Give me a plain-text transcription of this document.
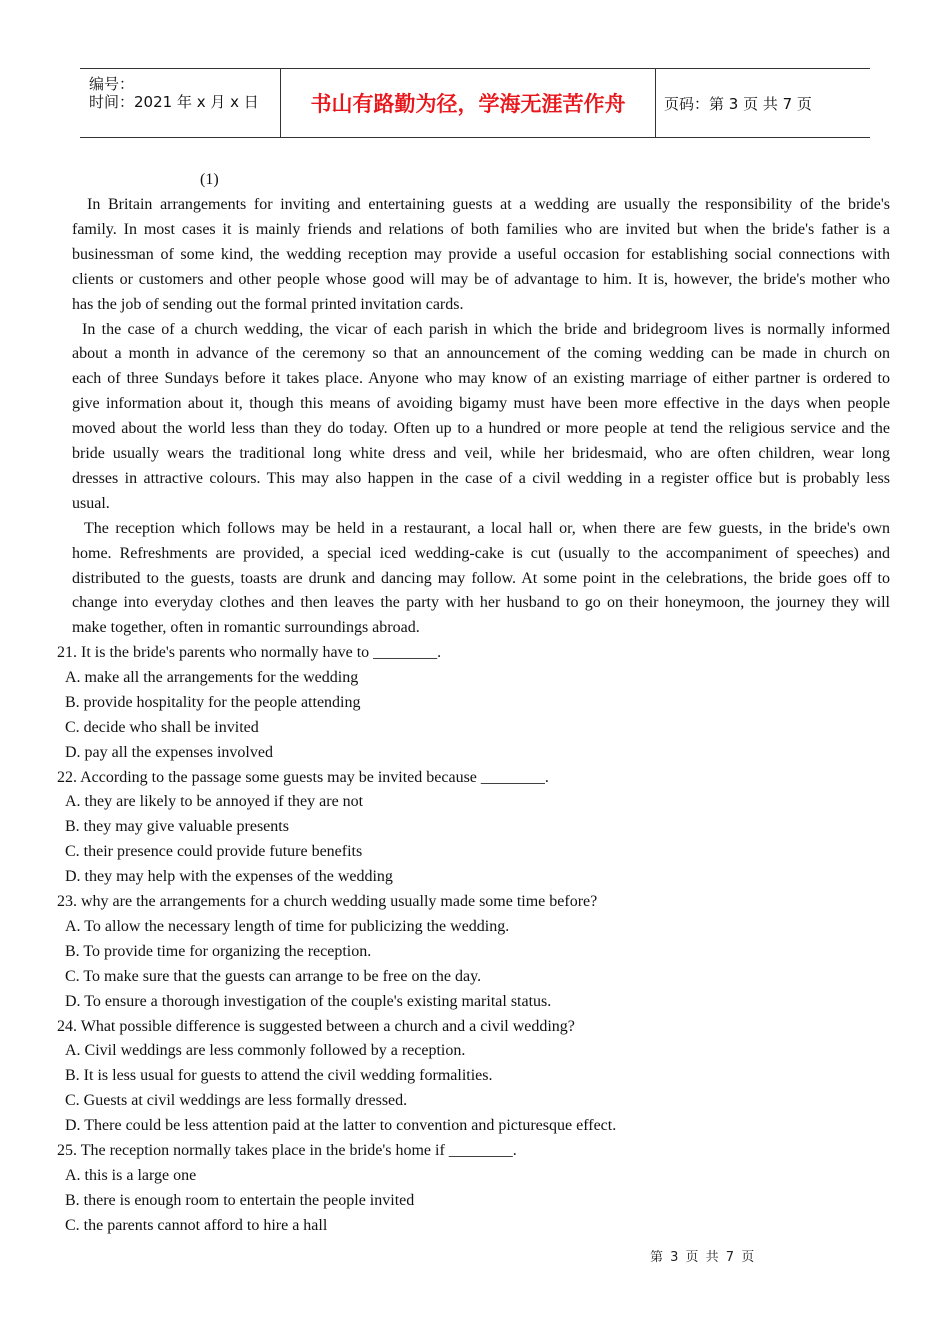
编号：
时间：2021 年 x 月 x 日	书山有路勤为径，学海无涯苦作舟	页码：第 3 页 共 7 页
(1)
In Britain arrangements for inviting and entertaining guests at a wedding are usually the responsibility of the bride's
family. In most cases it is mainly friends and relations of both families who are invited but when the bride's father is a
businessman of some kind, the wedding reception may provide a useful occasion for establishing social connections with
clients or customers and other people whose good will may be of advantage to him. It is, however, the bride's mother who
has the job of sending out the formal printed invitation cards.
In the case of a church wedding, the vicar of each parish in which the bride and bridegroom lives is normally informed
about a month in advance of the ceremony so that an announcement of the coming wedding can be made in church on
each of three Sundays before it takes place. Anyone who may know of an existing marriage of either partner is ordered to
give information about it, though this means of avoiding bigamy must have been more effective in the days when people
moved about the world less than they do today. Often up to a hundred or more people at tend the religious service and the
bride usually wears the traditional long white dress and veil, while her bridesmaid, who are often children, wear long
dresses in attractive colours. This may also happen in the case of a civil wedding in a register office but is probably less
usual.
The reception which follows may be held in a restaurant, a local hall or, when there are few guests, in the bride's own
home. Refreshments are provided, a special iced wedding-cake is cut (usually to the accompaniment of speeches) and
distributed to the guests, toasts are drunk and dancing may follow. At some point in the celebrations, the bride goes off to
change into everyday clothes and then leaves the party with her husband to go on their honeymoon, the journey they will
make together, often in romantic surroundings abroad.
21. It is the bride's parents who normally have to ________.
A. make all the arrangements for the wedding
B. provide hospitality for the people attending
C. decide who shall be invited
D. pay all the expenses involved
22. According to the passage some guests may be invited because ________.
A. they are likely to be annoyed if they are not
B. they may give valuable presents
C. their presence could provide future benefits
D. they may help with the expenses of the wedding
23. why are the arrangements for a church wedding usually made some time before?
A. To allow the necessary length of time for publicizing the wedding.
B. To provide time for organizing the reception.
C. To make sure that the guests can arrange to be free on the day.
D. To ensure a thorough investigation of the couple's existing marital status.
24. What possible difference is suggested between a church and a civil wedding?
A. Civil weddings are less commonly followed by a reception.
B. It is less usual for guests to attend the civil wedding formalities.
C. Guests at civil weddings are less formally dressed.
D. There could be less attention paid at the latter to convention and picturesque effect.
25. The reception normally takes place in the bride's home if ________.
A. this is a large one
B. there is enough room to entertain the people invited
C. the parents cannot afford to hire a hall
第 3 页 共 7 页
